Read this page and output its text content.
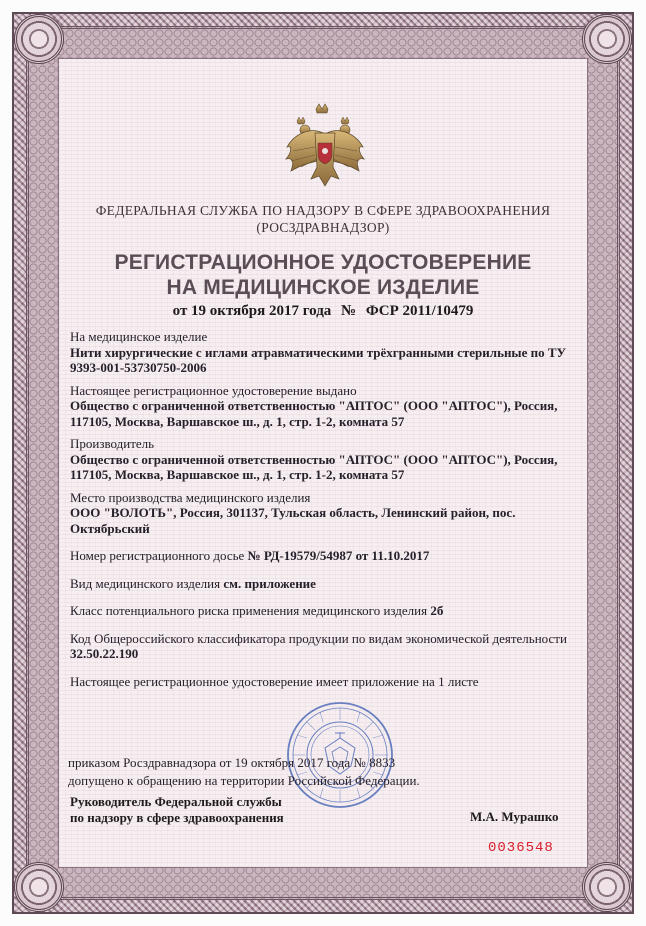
ФЕДЕРАЛЬНАЯ СЛУЖБА ПО НАДЗОРУ В СФЕРЕ ЗДРАВООХРАНЕНИЯ
(РОСЗДРАВНАДЗОР)
РЕГИСТРАЦИОННОЕ УДОСТОВЕРЕНИЕ
НА МЕДИЦИНСКОЕ ИЗДЕЛИЕ
от 19 октября 2017 года № ФСР 2011/10479
На медицинское изделие
Нити хирургические с иглами атравматическими трёхгранными стерильные по ТУ 9393-001-53730750-2006
Настоящее регистрационное удостоверение выдано
Общество с ограниченной ответственностью "АПТОС" (ООО "АПТОС"), Россия, 117105, Москва, Варшавское ш., д. 1, стр. 1-2, комната 57
Производитель
Общество с ограниченной ответственностью "АПТОС" (ООО "АПТОС"), Россия, 117105, Москва, Варшавское ш., д. 1, стр. 1-2, комната 57
Место производства медицинского изделия
ООО "ВОЛОТЬ", Россия, 301137, Тульская область, Ленинский район, пос. Октябрьский
Номер регистрационного досье № РД-19579/54987 от 11.10.2017
Вид медицинского изделия см. приложение
Класс потенциального риска применения медицинского изделия 2б
Код Общероссийского классификатора продукции по видам экономической деятельности 32.50.22.190
Настоящее регистрационное удостоверение имеет приложение на 1 листе
приказом Росздравнадзора от 19 октября 2017 года № 8833
допущено к обращению на территории Российской Федерации.
Руководитель Федеральной службы
по надзору в сфере здравоохранения	М.А. Мурашко
0036548
